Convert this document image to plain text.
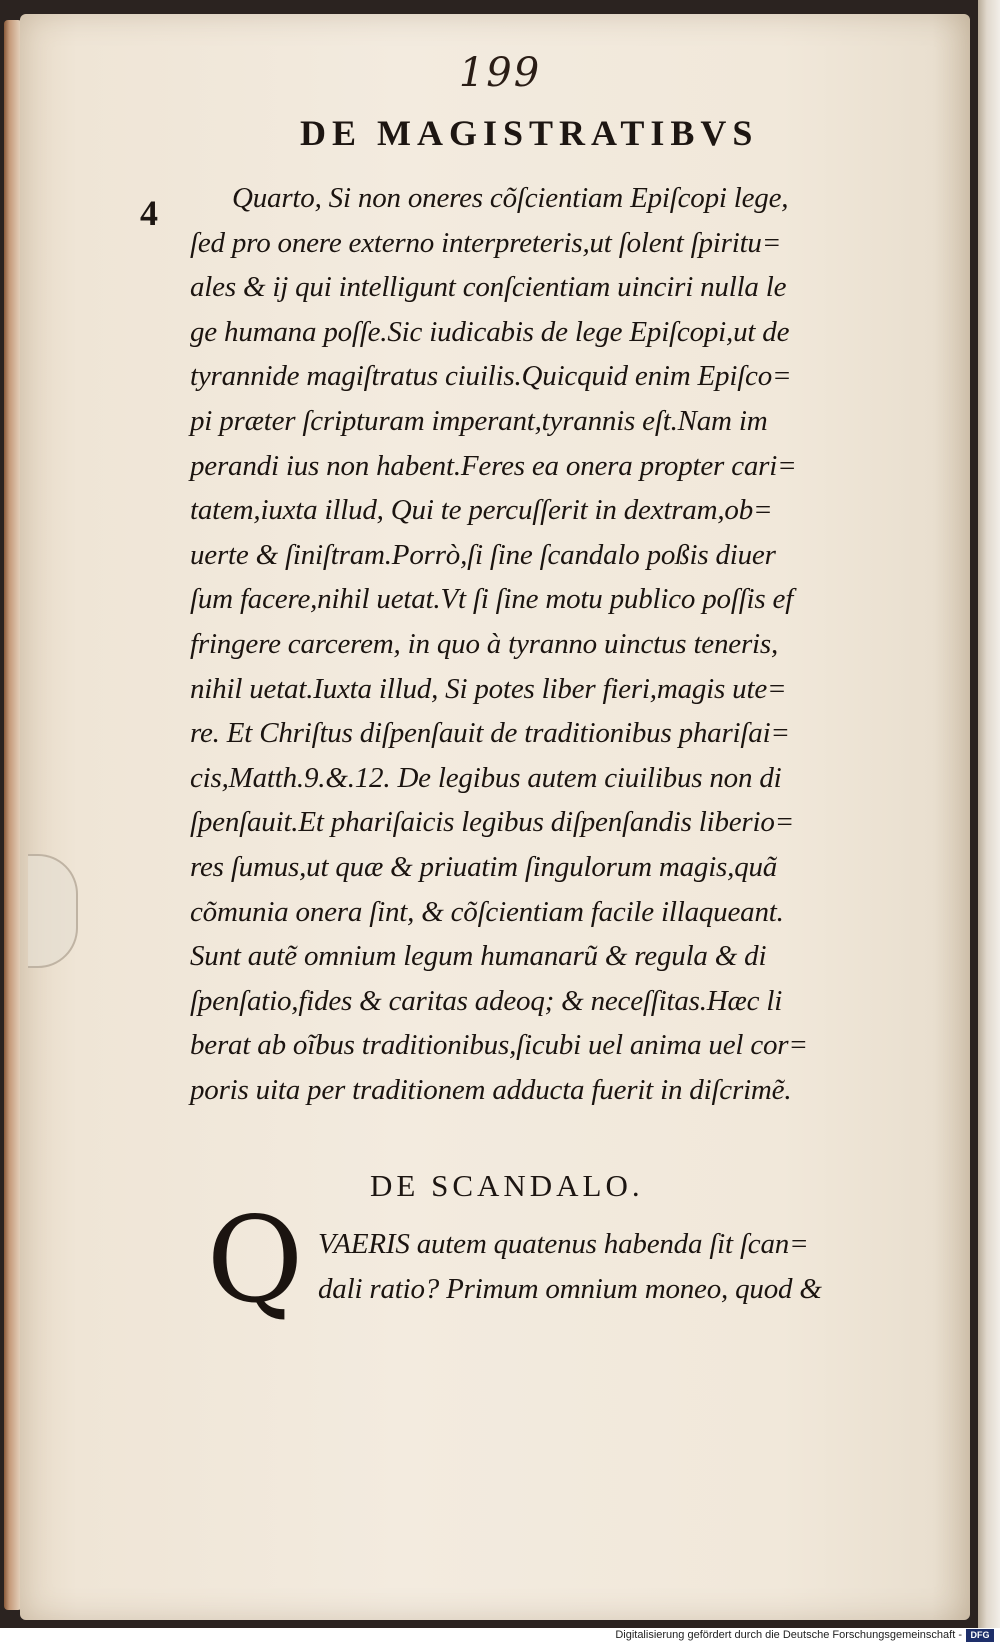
199
DE MAGISTRATIBVS
4	Quarto, Si non oneres cõſcientiam Epiſcopi lege,
ſed pro onere externo interpreteris,ut ſolent ſpiritu=
ales & ij qui intelligunt conſcientiam uinciri nulla le
ge humana poſſe.Sic iudicabis de lege Epiſcopi,ut de
tyrannide magiſtratus ciuilis.Quicquid enim Epiſco=
pi præter ſcripturam imperant,tyrannis eſt.Nam im
perandi ius non habent.Feres ea onera propter cari=
tatem,iuxta illud, Qui te percuſſerit in dextram,ob=
uerte & ſiniſtram.Porrò,ſi ſine ſcandalo poßis diuer
ſum facere,nihil uetat.Vt ſi ſine motu publico poſſis ef
fringere carcerem, in quo à tyranno uinctus teneris,
nihil uetat.Iuxta illud, Si potes liber fieri,magis ute=
re. Et Chriſtus diſpenſauit de traditionibus phariſai=
cis,Matth.9.&.12. De legibus autem ciuilibus non di
ſpenſauit.Et phariſaicis legibus diſpenſandis liberio=
res ſumus,ut quæ & priuatim ſingulorum magis,quã
cõmunia onera ſint, & cõſcientiam facile illaqueant.
Sunt autẽ omnium legum humanarũ & regula & di
ſpenſatio,fides & caritas adeoq; & neceſſitas.Hæc li
berat ab oĩbus traditionibus,ſicubi uel anima uel cor=
poris uita per traditionem adducta fuerit in diſcrimẽ.
DE SCANDALO.
Q VAERIS autem quatenus habenda ſit ſcan=
dali ratio? Primum omnium moneo, quod &
Digitalisierung gefördert durch die Deutsche Forschungsgemeinschaft - DFG
